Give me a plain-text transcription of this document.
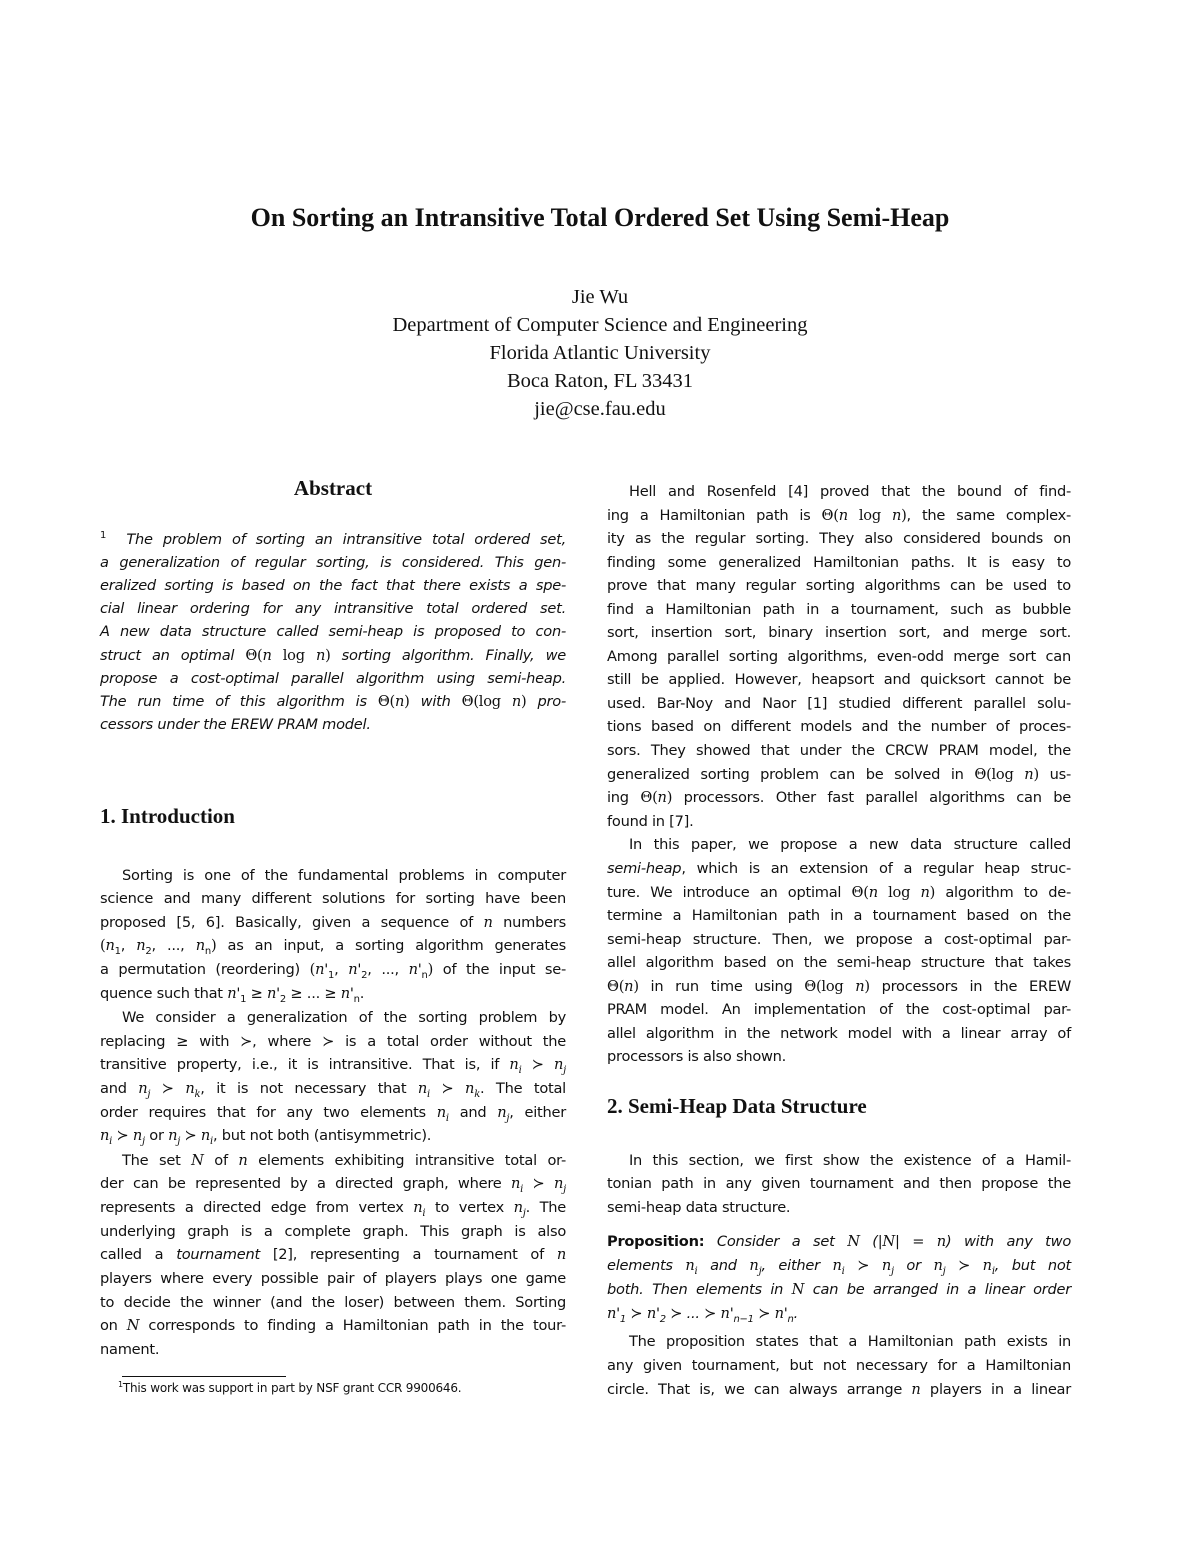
On Sorting an Intransitive Total Ordered Set Using Semi-Heap
Jie Wu
Department of Computer Science and Engineering
Florida Atlantic University
Boca Raton, FL 33431
jie@cse.fau.edu
Abstract
$^1$  The problem of sorting an intransitive total ordered set,
a generalization of regular sorting, is considered. This gen-
eralized sorting is based on the fact that there exists a spe-
cial linear ordering for any intransitive total ordered set.
A new data structure called semi-heap is proposed to con-
struct an optimal Θ(n log n) sorting algorithm. Finally, we
propose a cost-optimal parallel algorithm using semi-heap.
The run time of this algorithm is Θ(n) with Θ(log n) pro-
cessors under the EREW PRAM model.
1. Introduction
Sorting is one of the fundamental problems in computer
science and many different solutions for sorting have been
proposed [5, 6]. Basically, given a sequence of n numbers
($n_1$, $n_2$, ..., $n_n$) as an input, a sorting algorithm generates
a permutation (reordering) ($n'_1$, $n'_2$, ..., $n'_n$) of the input se-
quence such that $n'_1 \ge n'_2$ ≥ ... ≥ $n'_n$.
We consider a generalization of the sorting problem by
replacing ≥ with ≻, where ≻ is a total order without the
transitive property, i.e., it is intransitive. That is, if $n_i$ ≻ $n_j$
and $n_j$ ≻ $n_k$, it is not necessary that $n_i$ ≻ $n_k$. The total
order requires that for any two elements $n_i$ and $n_j$, either
$n_i$ ≻ $n_j$ or $n_j$ ≻ $n_i$, but not both (antisymmetric).
The set N of n elements exhibiting intransitive total or-
der can be represented by a directed graph, where $n_i$ ≻ $n_j$
represents a directed edge from vertex $n_i$ to vertex $n_j$. The
underlying graph is a complete graph. This graph is also
called a tournament [2], representing a tournament of n
players where every possible pair of players plays one game
to decide the winner (and the loser) between them. Sorting
on N corresponds to finding a Hamiltonian path in the tour-
nament.
$^1$This work was support in part by NSF grant CCR 9900646.
Hell and Rosenfeld [4] proved that the bound of find-
ing a Hamiltonian path is Θ(n log n), the same complex-
ity as the regular sorting. They also considered bounds on
finding some generalized Hamiltonian paths. It is easy to
prove that many regular sorting algorithms can be used to
find a Hamiltonian path in a tournament, such as bubble
sort, insertion sort, binary insertion sort, and merge sort.
Among parallel sorting algorithms, even-odd merge sort can
still be applied. However, heapsort and quicksort cannot be
used. Bar-Noy and Naor [1] studied different parallel solu-
tions based on different models and the number of proces-
sors. They showed that under the CRCW PRAM model, the
generalized sorting problem can be solved in Θ(log n) us-
ing Θ(n) processors. Other fast parallel algorithms can be
found in [7].
In this paper, we propose a new data structure called
semi-heap, which is an extension of a regular heap struc-
ture. We introduce an optimal Θ(n log n) algorithm to de-
termine a Hamiltonian path in a tournament based on the
semi-heap structure. Then, we propose a cost-optimal par-
allel algorithm based on the semi-heap structure that takes
Θ(n) in run time using Θ(log n) processors in the EREW
PRAM model. An implementation of the cost-optimal par-
allel algorithm in the network model with a linear array of
processors is also shown.
2. Semi-Heap Data Structure
In this section, we first show the existence of a Hamil-
tonian path in any given tournament and then propose the
semi-heap data structure.
Proposition: Consider a set N (|N| = n) with any two
elements $n_i$ and $n_j$, either $n_i$ ≻ $n_j$ or $n_j$ ≻ $n_i$, but not
both. Then elements in N can be arranged in a linear order
$n'_1$ ≻ $n'_2$ ≻ ... ≻ $n'_{n-1}$ ≻ $n'_n$.
The proposition states that a Hamiltonian path exists in
any given tournament, but not necessary for a Hamiltonian
circle. That is, we can always arrange n players in a linear
